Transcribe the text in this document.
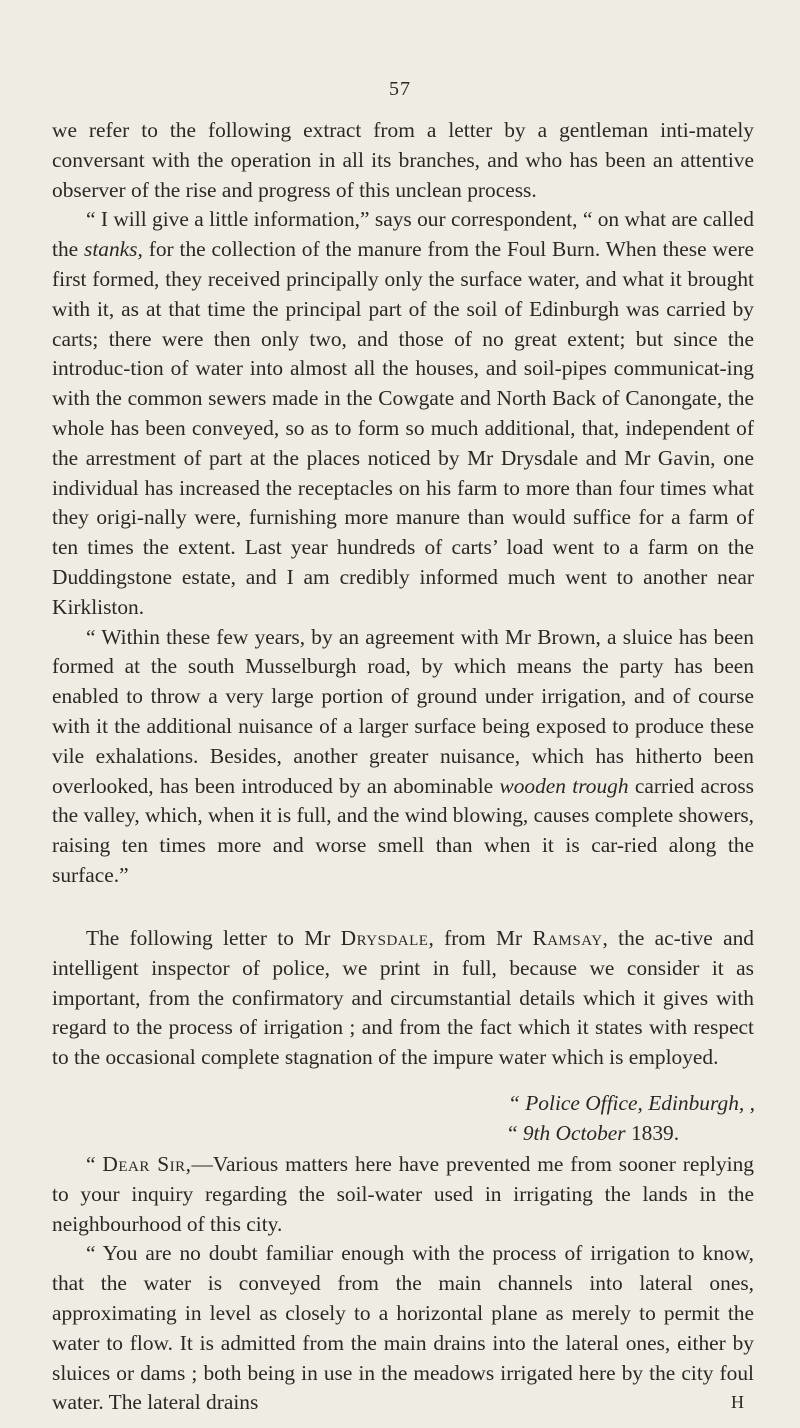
57

we refer to the following extract from a letter by a gentleman inti-mately conversant with the operation in all its branches, and who has been an attentive observer of the rise and progress of this unclean process.

“ I will give a little information,” says our correspondent, “ on what are called the stanks, for the collection of the manure from the Foul Burn. When these were first formed, they received principally only the surface water, and what it brought with it, as at that time the principal part of the soil of Edinburgh was carried by carts; there were then only two, and those of no great extent; but since the introduc-tion of water into almost all the houses, and soil-pipes communicat-ing with the common sewers made in the Cowgate and North Back of Canongate, the whole has been conveyed, so as to form so much additional, that, independent of the arrestment of part at the places noticed by Mr Drysdale and Mr Gavin, one individual has increased the receptacles on his farm to more than four times what they origi-nally were, furnishing more manure than would suffice for a farm of ten times the extent. Last year hundreds of carts’ load went to a farm on the Duddingstone estate, and I am credibly informed much went to another near Kirkliston.

“ Within these few years, by an agreement with Mr Brown, a sluice has been formed at the south Musselburgh road, by which means the party has been enabled to throw a very large portion of ground under irrigation, and of course with it the additional nuisance of a larger surface being exposed to produce these vile exhalations. Besides, another greater nuisance, which has hitherto been overlooked, has been introduced by an abominable wooden trough carried across the valley, which, when it is full, and the wind blowing, causes complete showers, raising ten times more and worse smell than when it is car-ried along the surface.”

The following letter to Mr Drysdale, from Mr Ramsay, the ac-tive and intelligent inspector of police, we print in full, because we consider it as important, from the confirmatory and circumstantial details which it gives with regard to the process of irrigation ; and from the fact which it states with respect to the occasional complete stagnation of the impure water which is employed.

“ Police Office, Edinburgh, ,
“ 9th October 1839.

“ Dear Sir,—Various matters here have prevented me from sooner replying to your inquiry regarding the soil-water used in irrigating the lands in the neighbourhood of this city.

“ You are no doubt familiar enough with the process of irrigation to know, that the water is conveyed from the main channels into lateral ones, approximating in level as closely to a horizontal plane as merely to permit the water to flow. It is admitted from the main drains into the lateral ones, either by sluices or dams ; both being in use in the meadows irrigated here by the city foul water. The lateral drains	H
